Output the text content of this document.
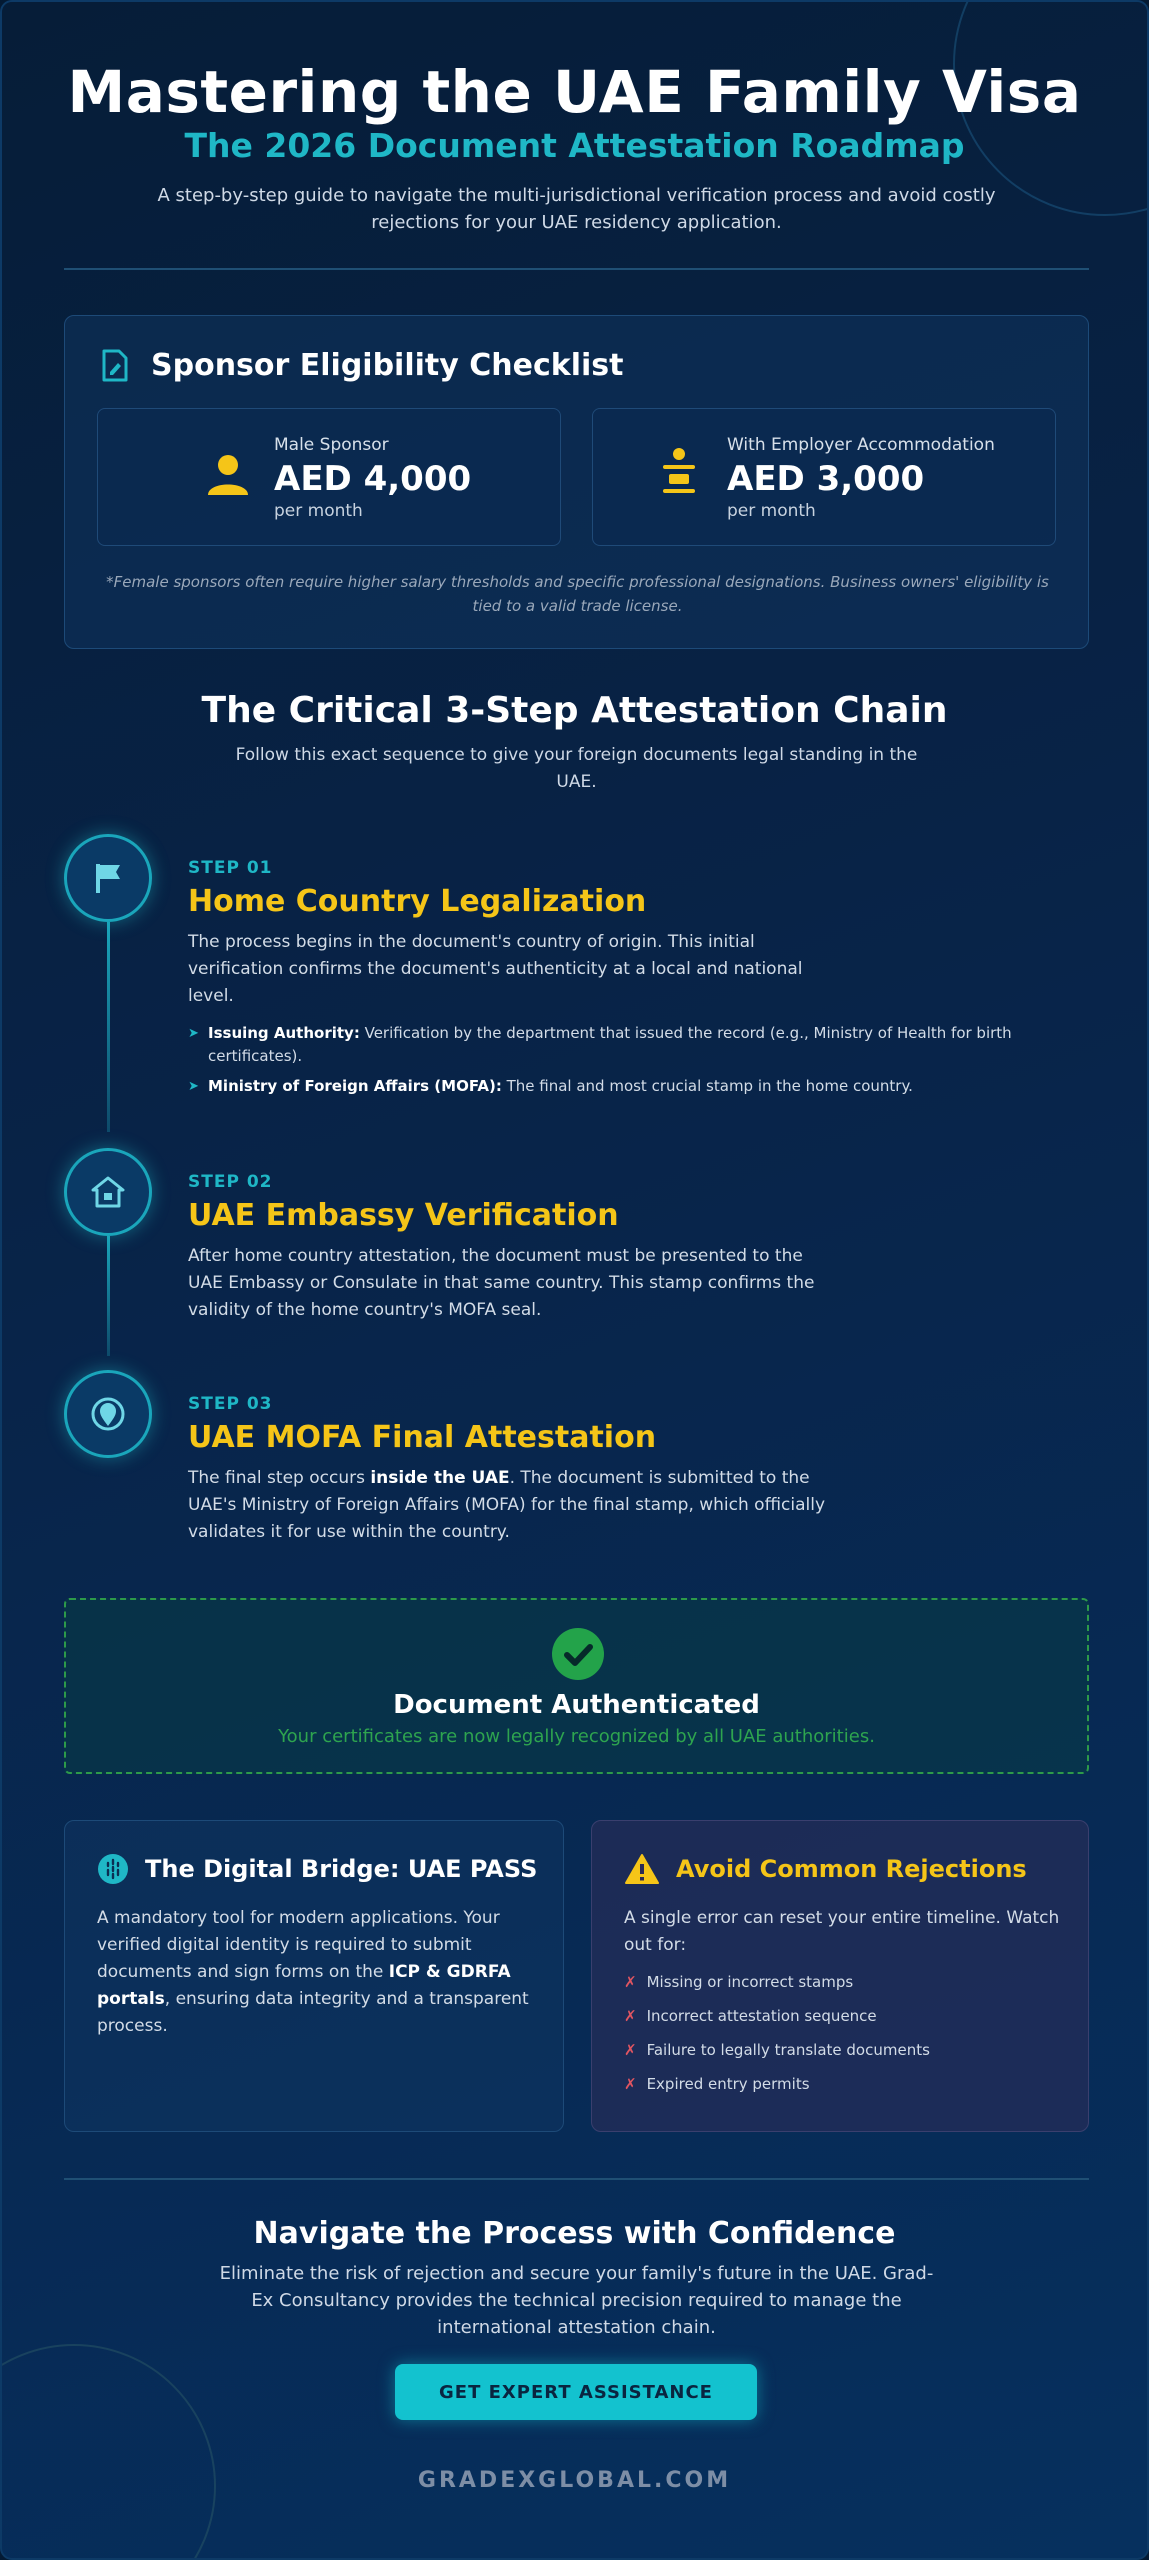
Mastering the UAE Family Visa
The 2026 Document Attestation Roadmap
A step-by-step guide to navigate the multi-jurisdictional verification process and avoid costly rejections for your UAE residency application.
Sponsor Eligibility Checklist
Male Sponsor
AED 4,000
per month
With Employer Accommodation
AED 3,000
per month
*Female sponsors often require higher salary thresholds and specific professional designations. Business owners' eligibility is tied to a valid trade license.
The Critical 3-Step Attestation Chain
Follow this exact sequence to give your foreign documents legal standing in the UAE.
STEP 01
Home Country Legalization
The process begins in the document's country of origin. This initial verification confirms the document's authenticity at a local and national level.
➤ Issuing Authority: Verification by the department that issued the record (e.g., Ministry of Health for birth certificates).
➤ Ministry of Foreign Affairs (MOFA): The final and most crucial stamp in the home country.
STEP 02
UAE Embassy Verification
After home country attestation, the document must be presented to the UAE Embassy or Consulate in that same country. This stamp confirms the validity of the home country's MOFA seal.
STEP 03
UAE MOFA Final Attestation
The final step occurs inside the UAE. The document is submitted to the UAE's Ministry of Foreign Affairs (MOFA) for the final stamp, which officially validates it for use within the country.
Document Authenticated
Your certificates are now legally recognized by all UAE authorities.
The Digital Bridge: UAE PASS
A mandatory tool for modern applications. Your verified digital identity is required to submit documents and sign forms on the ICP & GDRFA portals, ensuring data integrity and a transparent process.
Avoid Common Rejections
A single error can reset your entire timeline. Watch out for:
✗ Missing or incorrect stamps
✗ Incorrect attestation sequence
✗ Failure to legally translate documents
✗ Expired entry permits
Navigate the Process with Confidence
Eliminate the risk of rejection and secure your family's future in the UAE. Grad-Ex Consultancy provides the technical precision required to manage the international attestation chain.
GET EXPERT ASSISTANCE
GRADEXGLOBAL.COM
